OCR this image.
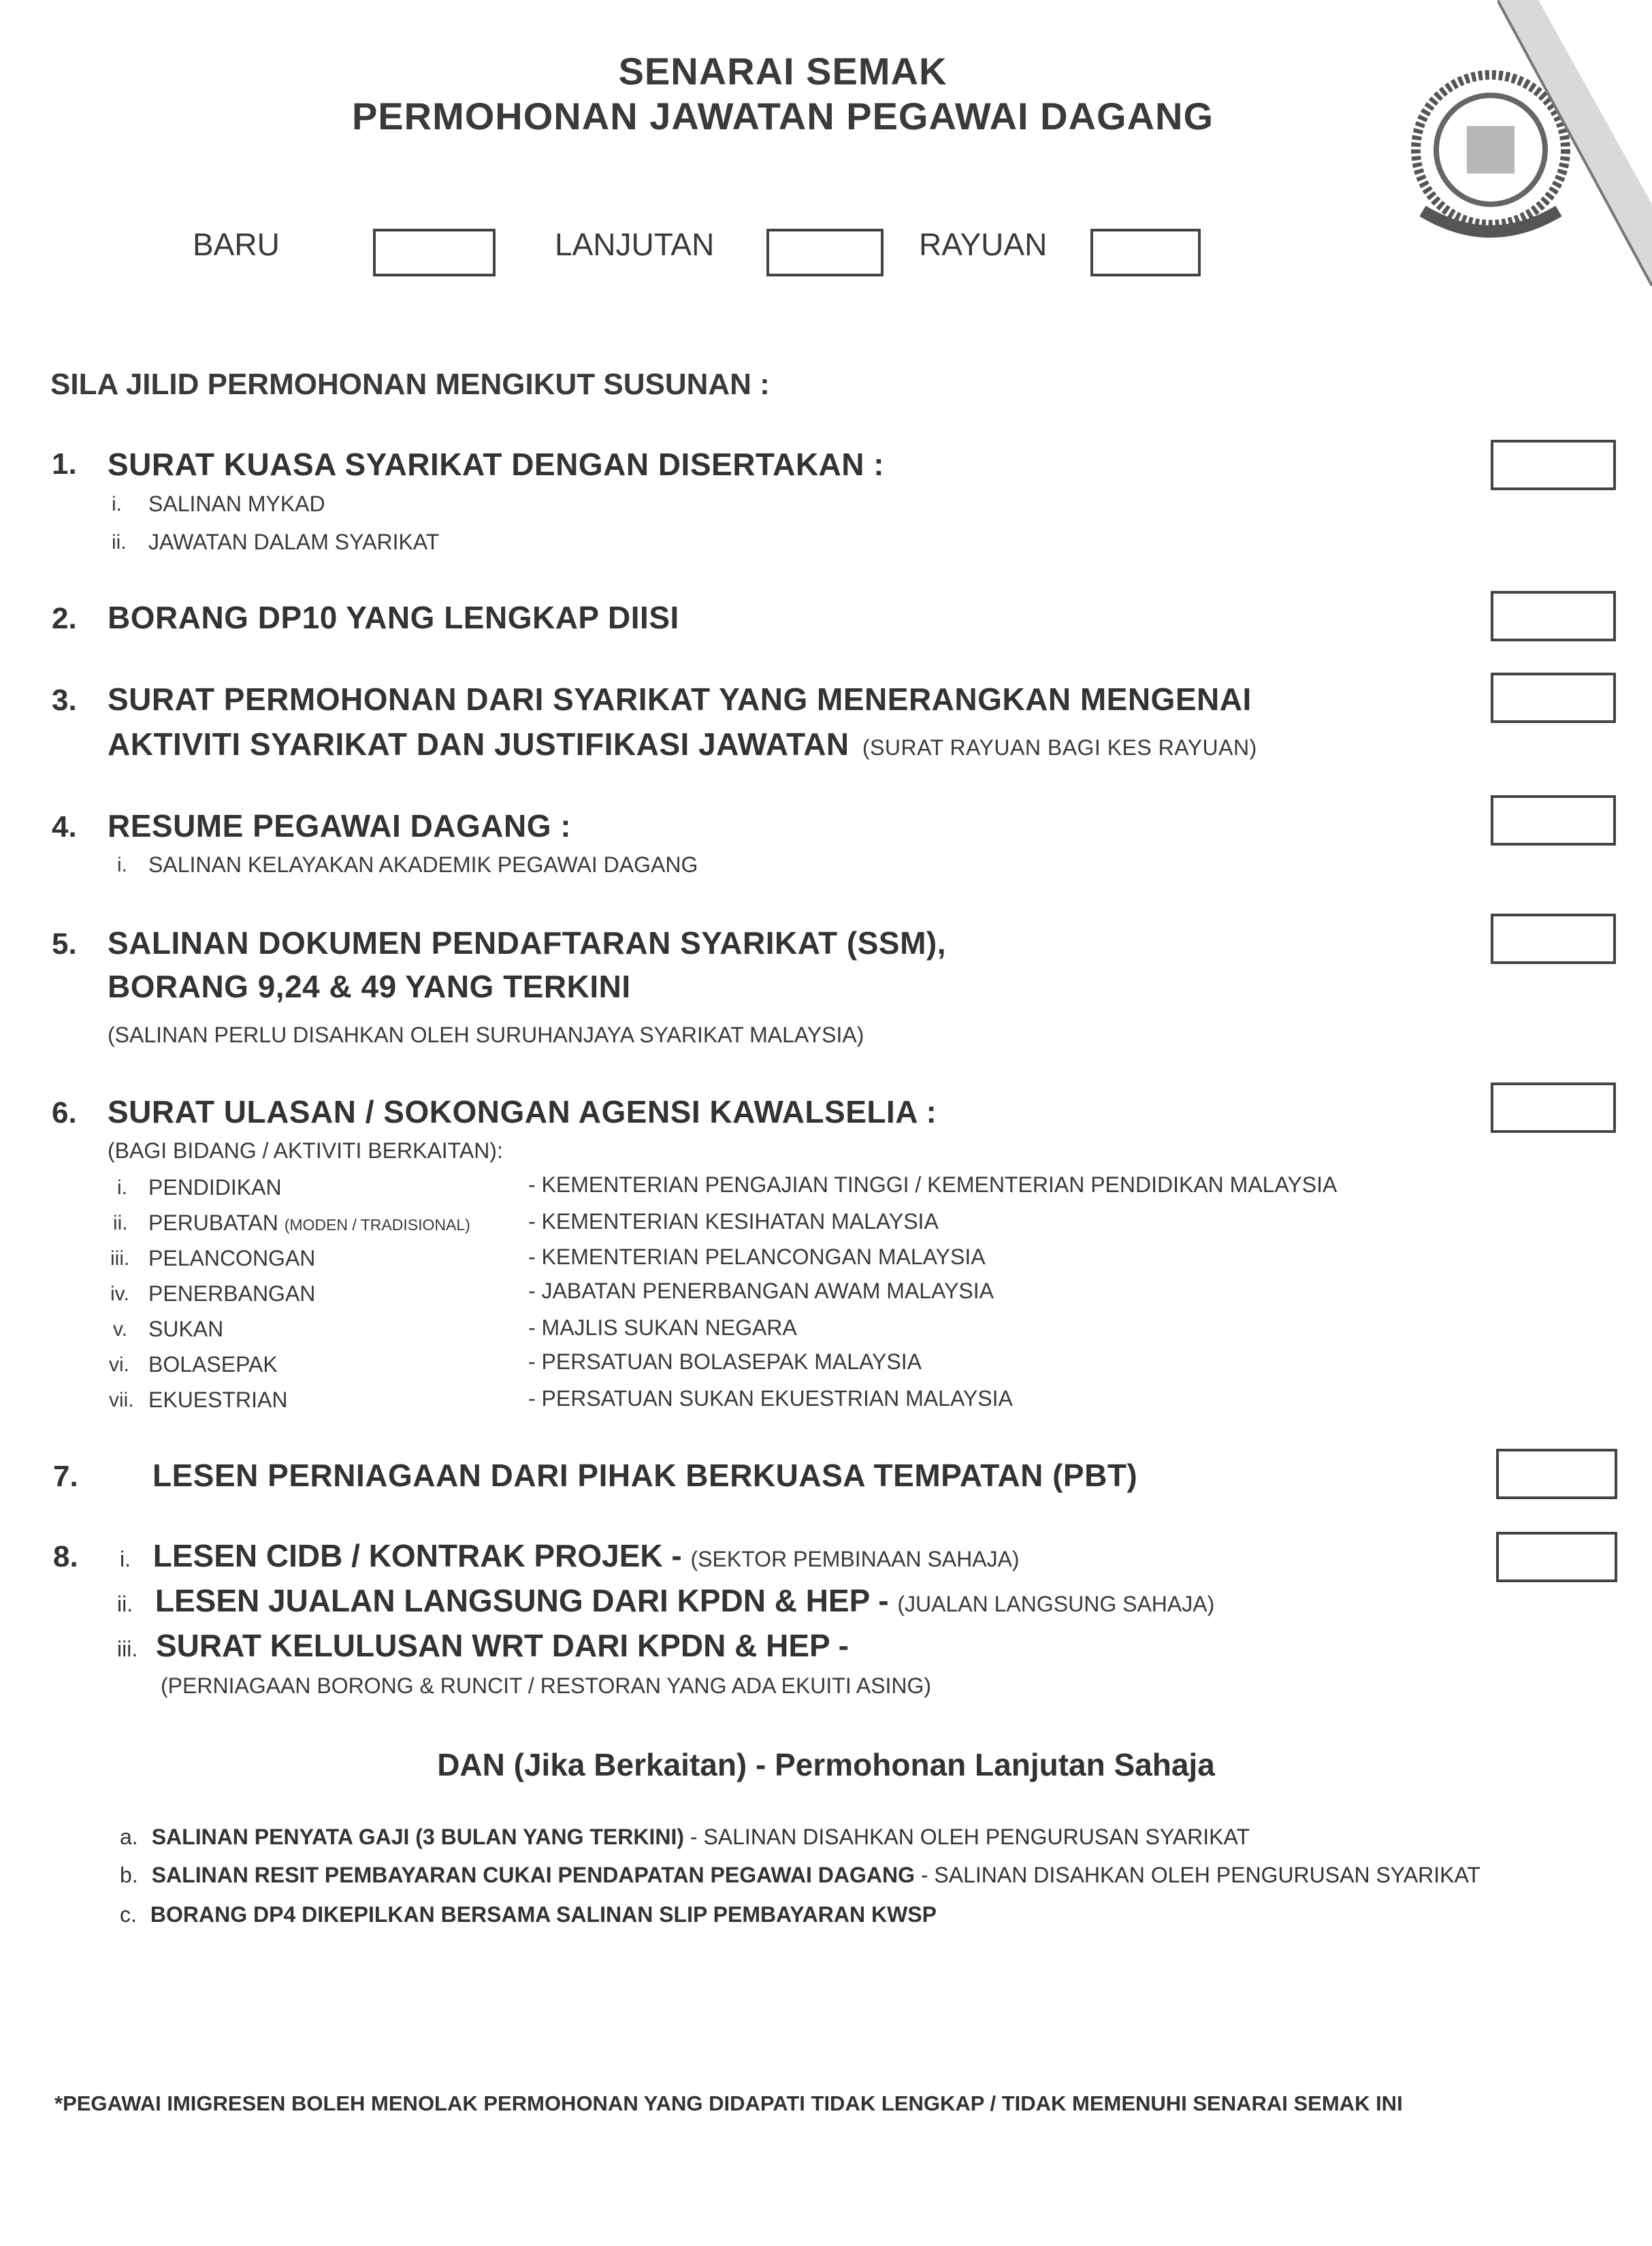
SENARAI SEMAK
PERMOHONAN JAWATAN PEGAWAI DAGANG
BARU	LANJUTAN	RAYUAN
SILA JILID PERMOHONAN MENGIKUT SUSUNAN :
1. SURAT KUASA SYARIKAT DENGAN DISERTAKAN :
i. SALINAN MYKAD
ii. JAWATAN DALAM SYARIKAT
2. BORANG DP10 YANG LENGKAP DIISI
3. SURAT PERMOHONAN DARI SYARIKAT YANG MENERANGKAN MENGENAI
AKTIVITI SYARIKAT DAN JUSTIFIKASI JAWATAN (SURAT RAYUAN BAGI KES RAYUAN)
4. RESUME PEGAWAI DAGANG :
i. SALINAN KELAYAKAN AKADEMIK PEGAWAI DAGANG
5. SALINAN DOKUMEN PENDAFTARAN SYARIKAT (SSM),
BORANG 9,24 & 49 YANG TERKINI
(SALINAN PERLU DISAHKAN OLEH SURUHANJAYA SYARIKAT MALAYSIA)
6. SURAT ULASAN / SOKONGAN AGENSI KAWALSELIA :
(BAGI BIDANG / AKTIVITI BERKAITAN):
i. PENDIDIKAN	- KEMENTERIAN PENGAJIAN TINGGI / KEMENTERIAN PENDIDIKAN MALAYSIA
ii. PERUBATAN (MODEN / TRADISIONAL)	- KEMENTERIAN KESIHATAN MALAYSIA
iii. PELANCONGAN	- KEMENTERIAN PELANCONGAN MALAYSIA
iv. PENERBANGAN	- JABATAN PENERBANGAN AWAM MALAYSIA
v. SUKAN	- MAJLIS SUKAN NEGARA
vi. BOLASEPAK	- PERSATUAN BOLASEPAK MALAYSIA
vii. EKUESTRIAN	- PERSATUAN SUKAN EKUESTRIAN MALAYSIA
7. LESEN PERNIAGAAN DARI PIHAK BERKUASA TEMPATAN (PBT)
8. i. LESEN CIDB / KONTRAK PROJEK - (SEKTOR PEMBINAAN SAHAJA)
ii. LESEN JUALAN LANGSUNG DARI KPDN & HEP - (JUALAN LANGSUNG SAHAJA)
iii. SURAT KELULUSAN WRT DARI KPDN & HEP -
(PERNIAGAAN BORONG & RUNCIT / RESTORAN YANG ADA EKUITI ASING)
DAN (Jika Berkaitan) - Permohonan Lanjutan Sahaja
a. SALINAN PENYATA GAJI (3 BULAN YANG TERKINI) - SALINAN DISAHKAN OLEH PENGURUSAN SYARIKAT
b. SALINAN RESIT PEMBAYARAN CUKAI PENDAPATAN PEGAWAI DAGANG - SALINAN DISAHKAN OLEH PENGURUSAN SYARIKAT
c. BORANG DP4 DIKEPILKAN BERSAMA SALINAN SLIP PEMBAYARAN KWSP
*PEGAWAI IMIGRESEN BOLEH MENOLAK PERMOHONAN YANG DIDAPATI TIDAK LENGKAP / TIDAK MEMENUHI SENARAI SEMAK INI
